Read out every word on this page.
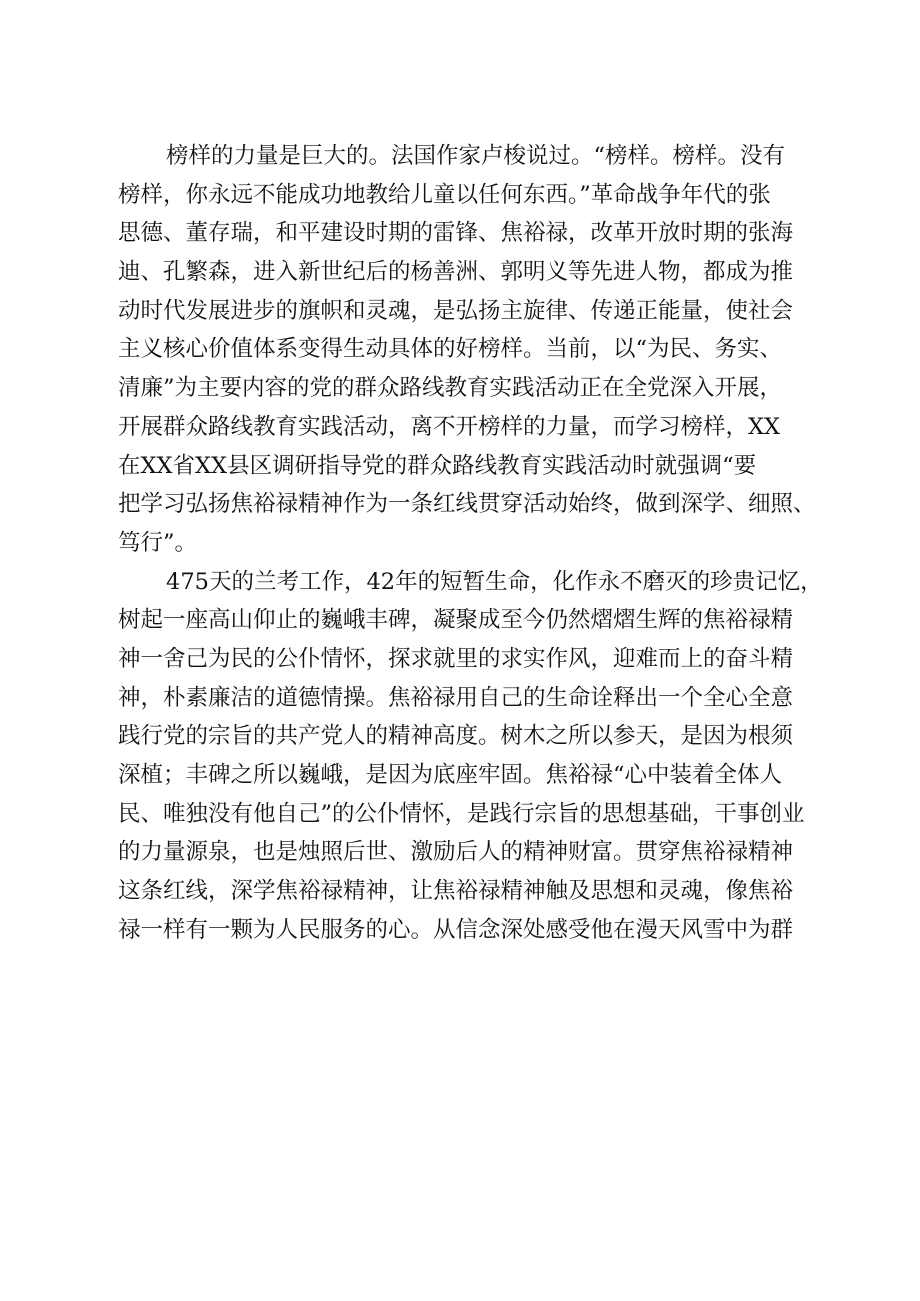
榜样的力量是巨大的。法国作家卢梭说过。“榜样。榜样。没有
榜样，你永远不能成功地教给儿童以任何东西。”革命战争年代的张
思德、董存瑞，和平建设时期的雷锋、焦裕禄，改革开放时期的张海
迪、孔繁森，进入新世纪后的杨善洲、郭明义等先进人物，都成为推
动时代发展进步的旗帜和灵魂，是弘扬主旋律、传递正能量，使社会
主义核心价值体系变得生动具体的好榜样。当前，以“为民、务实、
清廉”为主要内容的党的群众路线教育实践活动正在全党深入开展，
开展群众路线教育实践活动，离不开榜样的力量，而学习榜样，XX
在XX省XX县区调研指导党的群众路线教育实践活动时就强调“要
把学习弘扬焦裕禄精神作为一条红线贯穿活动始终，做到深学、细照、
笃行”。
475天的兰考工作，42年的短暂生命，化作永不磨灭的珍贵记忆，
树起一座高山仰止的巍峨丰碑，凝聚成至今仍然熠熠生辉的焦裕禄精
神一舍己为民的公仆情怀，探求就里的求实作风，迎难而上的奋斗精
神，朴素廉洁的道德情操。焦裕禄用自己的生命诠释出一个全心全意
践行党的宗旨的共产党人的精神高度。树木之所以参天，是因为根须
深植；丰碑之所以巍峨，是因为底座牢固。焦裕禄“心中装着全体人
民、唯独没有他自己”的公仆情怀，是践行宗旨的思想基础，干事创业
的力量源泉，也是烛照后世、激励后人的精神财富。贯穿焦裕禄精神
这条红线，深学焦裕禄精神，让焦裕禄精神触及思想和灵魂，像焦裕
禄一样有一颗为人民服务的心。从信念深处感受他在漫天风雪中为群
